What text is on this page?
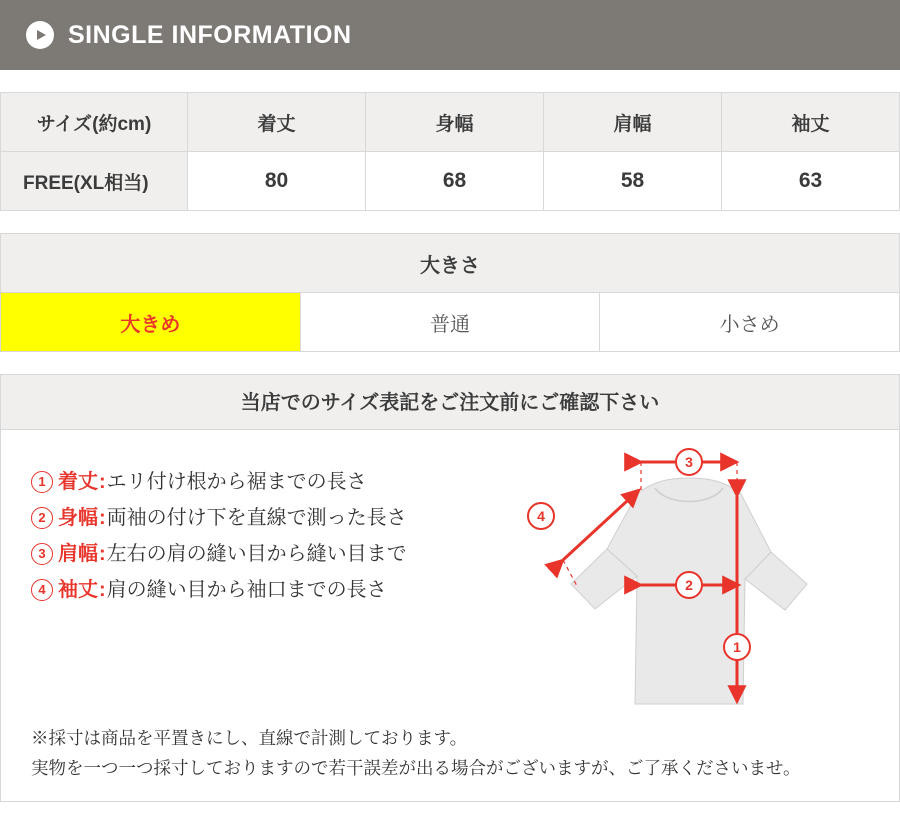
SINGLE INFORMATION
サイズ(約cm)	着丈	身幅	肩幅	袖丈
FREE(XL相当)	80	68	58	63
大きさ
大きめ	普通	小さめ
当店でのサイズ表記をご注文前にご確認下さい
1 着丈 : エリ付け根から裾までの長さ
2 身幅 : 両袖の付け下を直線で測った長さ
3 肩幅 : 左右の肩の縫い目から縫い目まで
4 袖丈 : 肩の縫い目から袖口までの長さ
3
4
2
1
※採寸は商品を平置きにし、直線で計測しております。
実物を一つ一つ採寸しておりますので若干誤差が出る場合がございますが、ご了承くださいませ。
